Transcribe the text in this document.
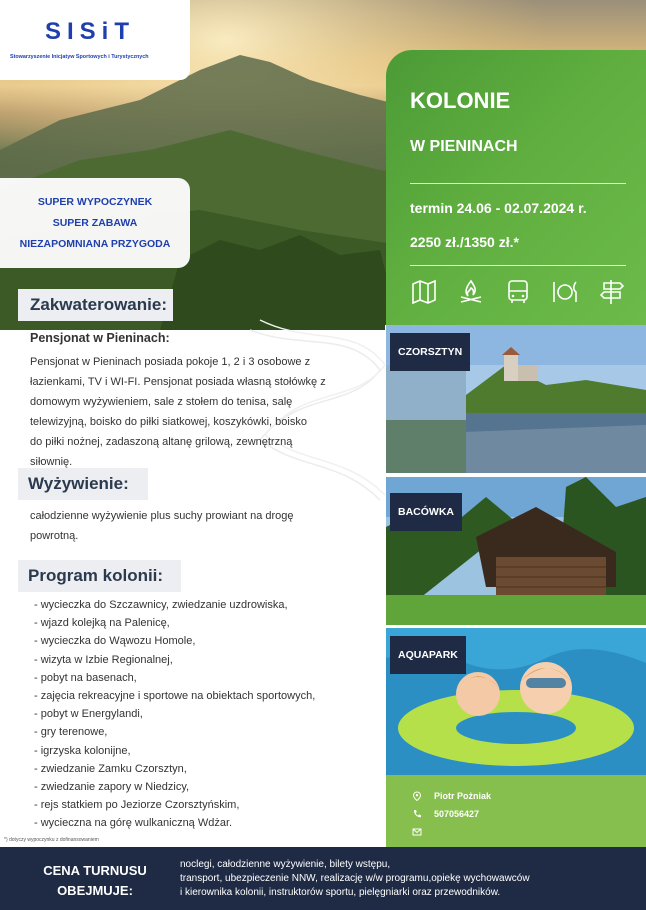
SISiT
Stowarzyszenie Inicjatyw Sportowych i Turystycznych
SUPER WYPOCZYNEK
SUPER ZABAWA
NIEZAPOMNIANA PRZYGODA
KOLONIE
W PIENINACH
termin 24.06 - 02.07.2024 r.
2250 zł./1350 zł.*
Zakwaterowanie:
Pensjonat w Pieninach:
Pensjonat w Pieninach posiada pokoje 1, 2 i 3 osobowe z
łazienkami, TV i WI-FI. Pensjonat posiada własną stołówkę z
domowym wyżywieniem, sale z stołem do tenisa, salę
telewizyjną, boisko do piłki siatkowej, koszykówki, boisko
do piłki nożnej, zadaszoną altanę grilową, zewnętrzną
siłownię.
Wyżywienie:
całodzienne wyżywienie plus suchy prowiant na drogę
powrotną.
Program kolonii:
- wycieczka do Szczawnicy, zwiedzanie uzdrowiska,
- wjazd kolejką na Palenicę,
- wycieczka do Wąwozu Homole,
- wizyta w Izbie Regionalnej,
- pobyt na basenach,
- zajęcia rekreacyjne i sportowe na obiektach sportowych,
- pobyt w Energylandi,
- gry terenowe,
- igrzyska kolonijne,
- zwiedzanie Zamku Czorsztyn,
- zwiedzanie zapory w Niedzicy,
- rejs statkiem po Jeziorze Czorsztyńskim,
- wycieczna na górę wulkaniczną Wdżar.
*) dotyczy wypoczynku z dofinansowaniem
CZORSZTYN
BACÓWKA
AQUAPARK
Piotr Pożniak
507056427
CENA TURNUSU
OBEJMUJE:
noclegi, całodzienne wyżywienie, bilety wstępu,
transport, ubezpieczenie NNW, realizację w/w programu,opiekę wychowawców
i kierownika kolonii, instruktorów sportu, pielęgniarki oraz przewodników.
